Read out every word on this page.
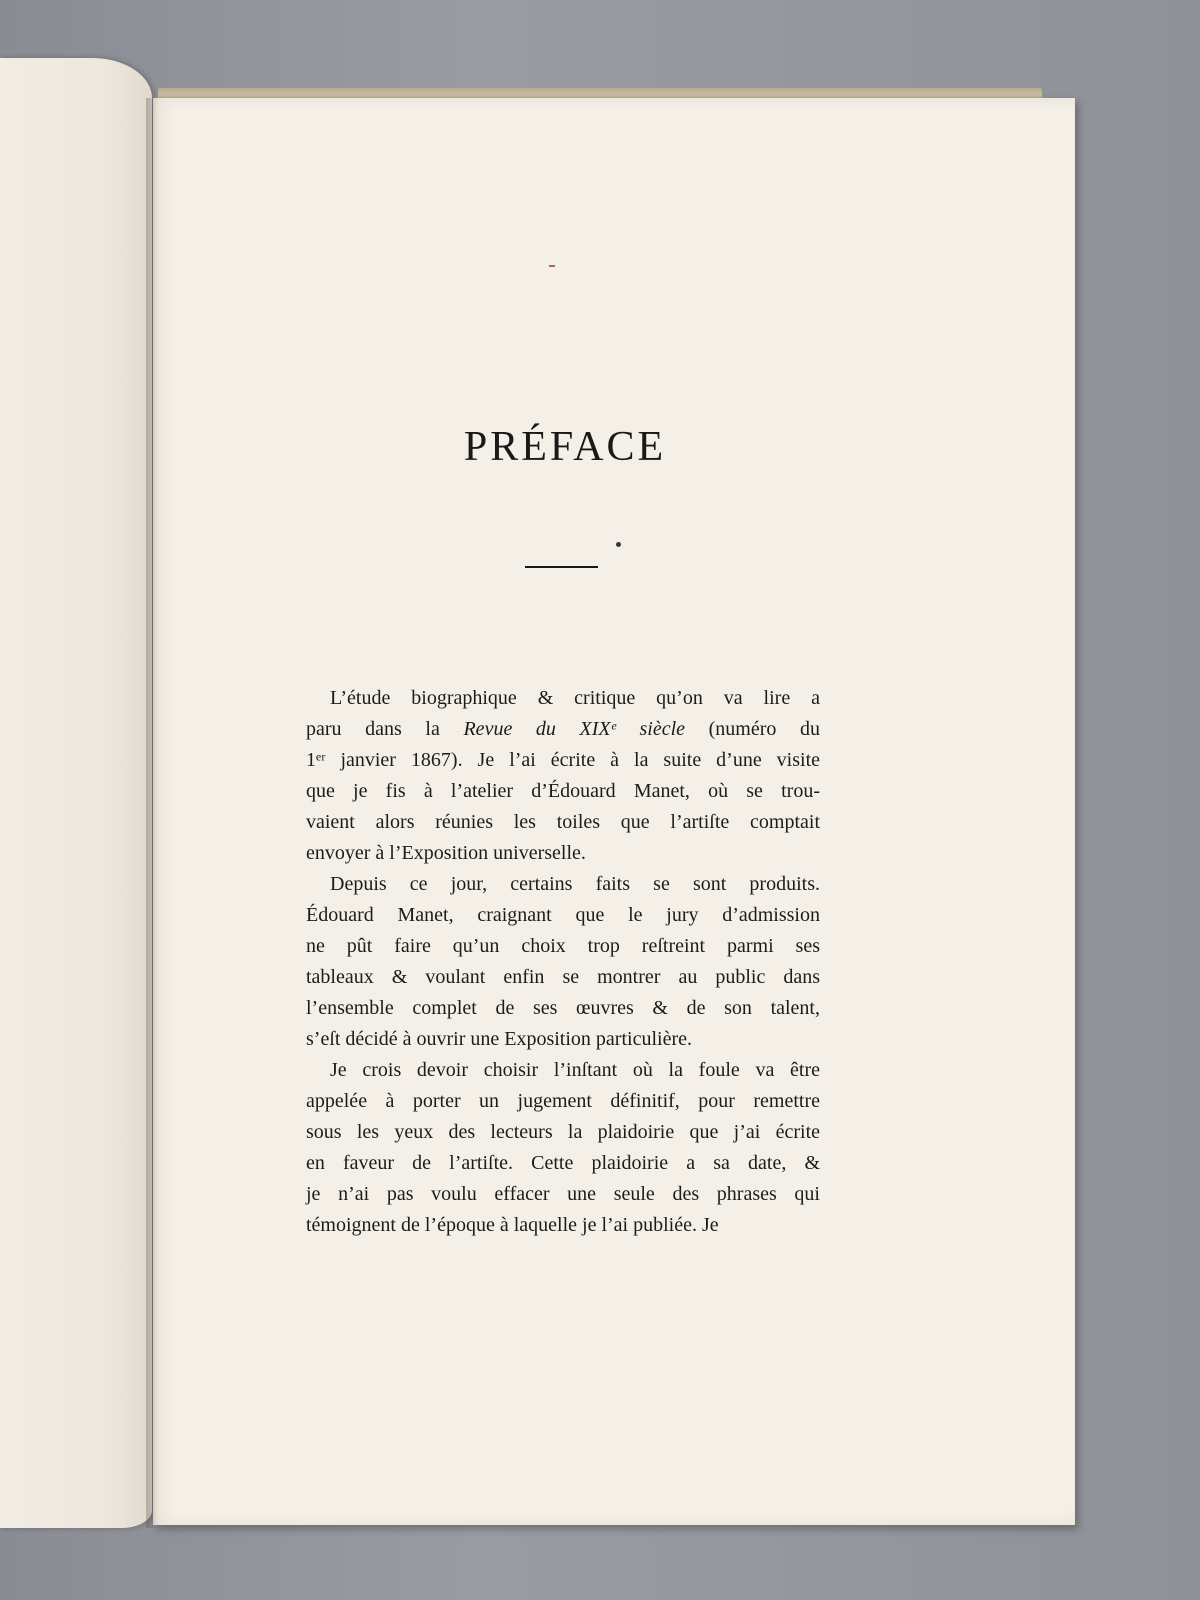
PRÉFACE

L’étude biographique & critique qu’on va lire a
paru dans la Revue du XIXᵉ siècle (numéro du
1ᵉʳ janvier 1867). Je l’ai écrite à la suite d’une visite
que je fis à l’atelier d’Édouard Manet, où se trou-
vaient alors réunies les toiles que l’artiſte comptait
envoyer à l’Exposition universelle.

Depuis ce jour, certains faits se sont produits.
Édouard Manet, craignant que le jury d’admission
ne pût faire qu’un choix trop reſtreint parmi ses
tableaux & voulant enfin se montrer au public dans
l’ensemble complet de ses œuvres & de son talent,
s’eſt décidé à ouvrir une Exposition particulière.

Je crois devoir choisir l’inſtant où la foule va être
appelée à porter un jugement définitif, pour remettre
sous les yeux des lecteurs la plaidoirie que j’ai écrite
en faveur de l’artiſte. Cette plaidoirie a sa date, &
je n’ai pas voulu effacer une seule des phrases qui
témoignent de l’époque à laquelle je l’ai publiée. Je
